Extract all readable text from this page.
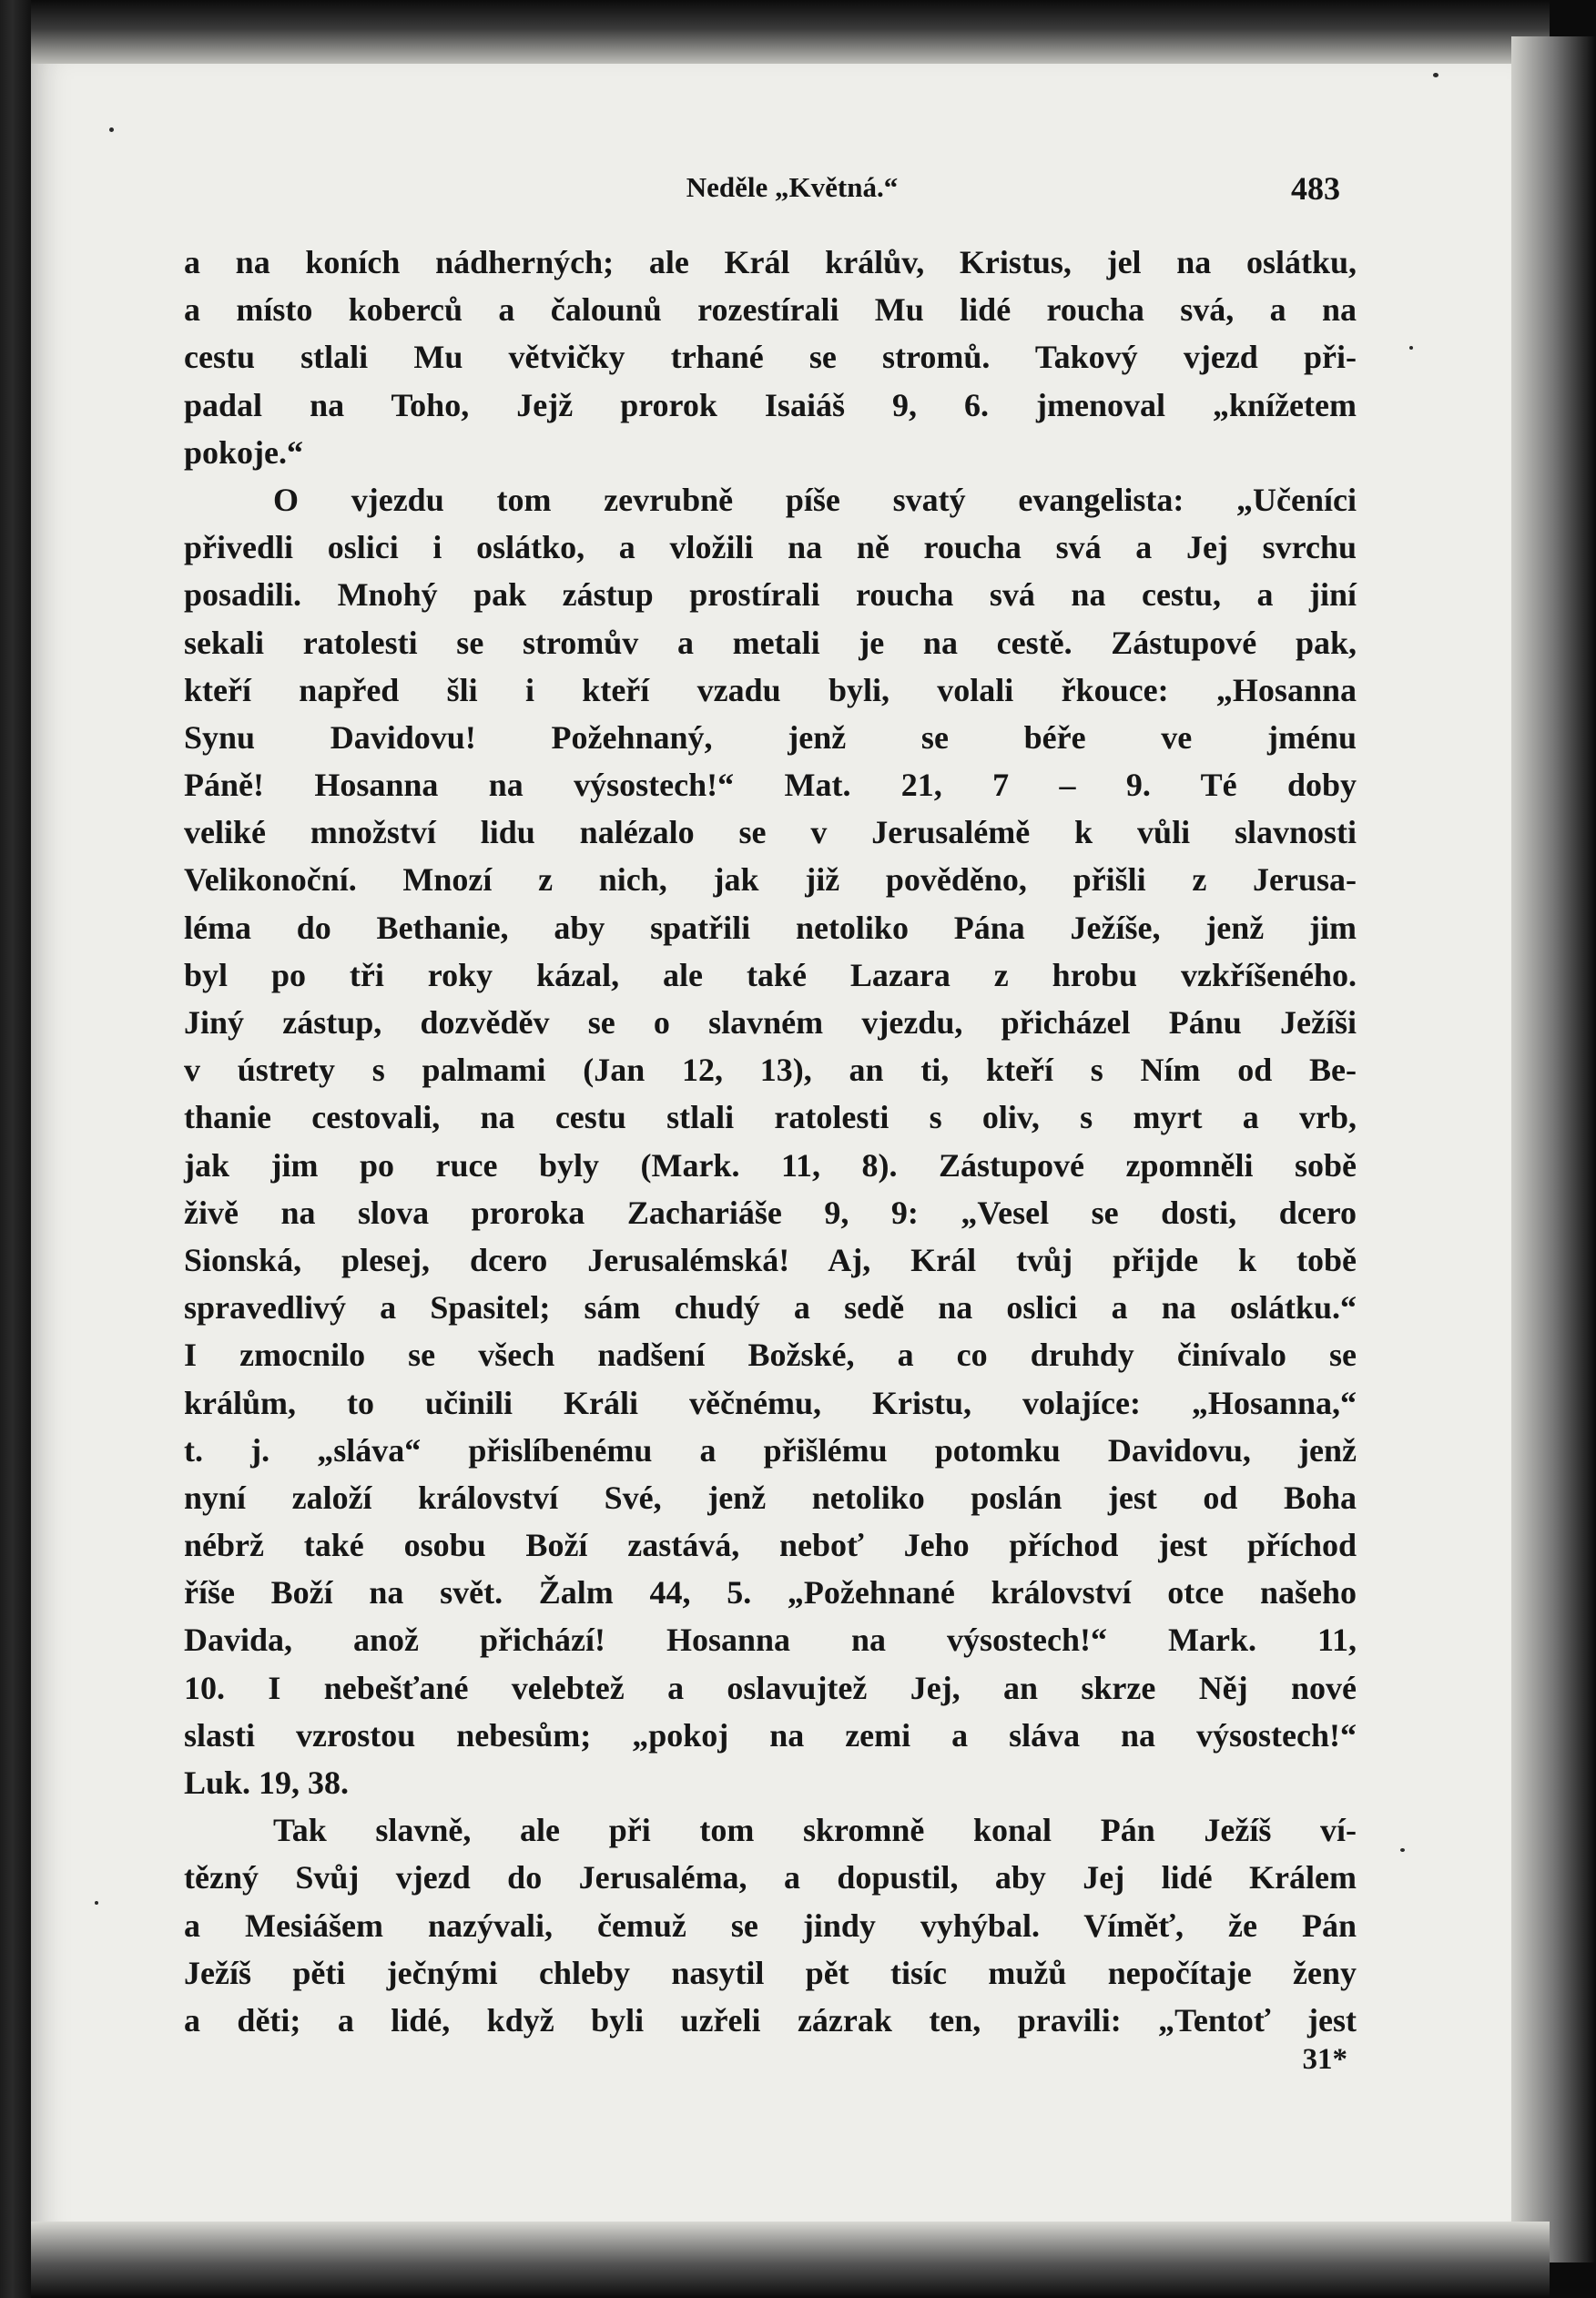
Neděle „Květná.“	483
a na koních nádherných; ale Král králův, Kristus, jel na oslátku,
a místo koberců a čalounů rozestírali Mu lidé roucha svá, a na
cestu stlali Mu větvičky trhané se stromů. Takový vjezd při-
padal na Toho, Jejž prorok Isaiáš 9, 6. jmenoval „knížetem
pokoje.“
O vjezdu tom zevrubně píše svatý evangelista: „Učeníci
přivedli oslici i oslátko, a vložili na ně roucha svá a Jej svrchu
posadili. Mnohý pak zástup prostírali roucha svá na cestu, a jiní
sekali ratolesti se stromův a metali je na cestě. Zástupové pak,
kteří napřed šli i kteří vzadu byli, volali řkouce: „Hosanna
Synu Davidovu! Požehnaný, jenž se béře ve jménu
Páně! Hosanna na výsostech!“ Mat. 21, 7 – 9. Té doby
veliké množství lidu nalézalo se v Jerusalémě k vůli slavnosti
Velikonoční. Mnozí z nich, jak již pověděno, přišli z Jerusa-
léma do Bethanie, aby spatřili netoliko Pána Ježíše, jenž jim
byl po tři roky kázal, ale také Lazara z hrobu vzkříšeného.
Jiný zástup, dozvěděv se o slavném vjezdu, přicházel Pánu Ježíši
v ústrety s palmami (Jan 12, 13), an ti, kteří s Ním od Be-
thanie cestovali, na cestu stlali ratolesti s oliv, s myrt a vrb,
jak jim po ruce byly (Mark. 11, 8). Zástupové zpomněli sobě
živě na slova proroka Zachariáše 9, 9: „Vesel se dosti, dcero
Sionská, plesej, dcero Jerusalémská! Aj, Král tvůj přijde k tobě
spravedlivý a Spasitel; sám chudý a sedě na oslici a na oslátku.“
I zmocnilo se všech nadšení Božské, a co druhdy činívalo se
králům, to učinili Králi věčnému, Kristu, volajíce: „Hosanna,“
t. j. „sláva“ přislíbenému a přišlému potomku Davidovu, jenž
nyní založí království Své, jenž netoliko poslán jest od Boha
nébrž také osobu Boží zastává, neboť Jeho příchod jest příchod
říše Boží na svět. Žalm 44, 5. „Požehnané království otce našeho
Davida, anož přichází! Hosanna na výsostech!“ Mark. 11,
10. I nebešťané velebtež a oslavujtež Jej, an skrze Něj nové
slasti vzrostou nebesům; „pokoj na zemi a sláva na výsostech!“
Luk. 19, 38.
Tak slavně, ale při tom skromně konal Pán Ježíš ví-
tězný Svůj vjezd do Jerusaléma, a dopustil, aby Jej lidé Králem
a Mesiášem nazývali, čemuž se jindy vyhýbal. Víměť, že Pán
Ježíš pěti ječnými chleby nasytil pět tisíc mužů nepočítaje ženy
a děti; a lidé, když byli uzřeli zázrak ten, pravili: „Tentoť jest
31*
